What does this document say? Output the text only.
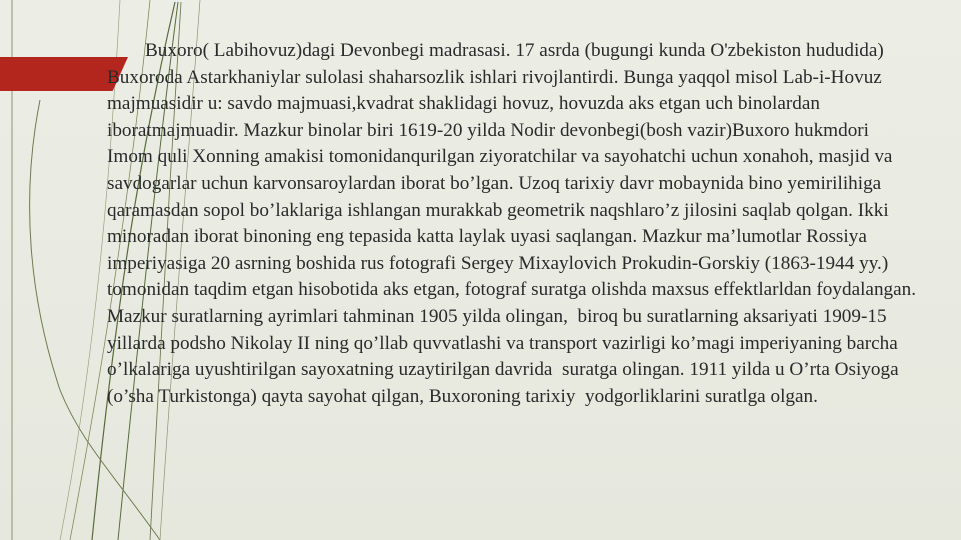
Buxoro( Labihovuz)dagi Devonbegi madrasasi. 17 asrda (bugungi kunda O'zbekiston hududida) Buxoroda Astarkhaniylar sulolasi shaharsozlik ishlari rivojlantirdi. Bunga yaqqol misol Lab-i-Hovuz majmuasidir u: savdo majmuasi,kvadrat shaklidagi hovuz, hovuzda aks etgan uch binolardan iboratmajmuadir. Mazkur binolar biri 1619-20 yilda Nodir devonbegi(bosh vazir)Buxoro hukmdori Imom quli Xonning amakisi tomonidanqurilgan ziyoratchilar va sayohatchi uchun xonahoh, masjid va savdogarlar uchun karvonsaroylardan iborat bo’lgan. Uzoq tarixiy davr mobaynida bino yemirilihiga qaramasdan sopol bo’laklariga ishlangan murakkab geometrik naqshlaro’z jilosini saqlab qolgan. Ikki minoradan iborat binoning eng tepasida katta laylak uyasi saqlangan. Mazkur ma’lumotlar Rossiya imperiyasiga 20 asrning boshida rus fotografi Sergey Mixaylovich Prokudin-Gorskiy (1863-1944 yy.) tomonidan taqdim etgan hisobotida aks etgan, fotograf suratga olishda maxsus effektlarldan foydalangan. Mazkur suratlarning ayrimlari tahminan 1905 yilda olingan,  biroq bu suratlarning aksariyati 1909-15 yillarda podsho Nikolay II ning qo’llab quvvatlashi va transport vazirligi ko’magi imperiyaning barcha o’lkalariga uyushtirilgan sayoxatning uzaytirilgan davrida  suratga olingan. 1911 yilda u O’rta Osiyoga (o’sha Turkistonga) qayta sayohat qilgan, Buxoroning tarixiy  yodgorliklarini suratlga olgan.
